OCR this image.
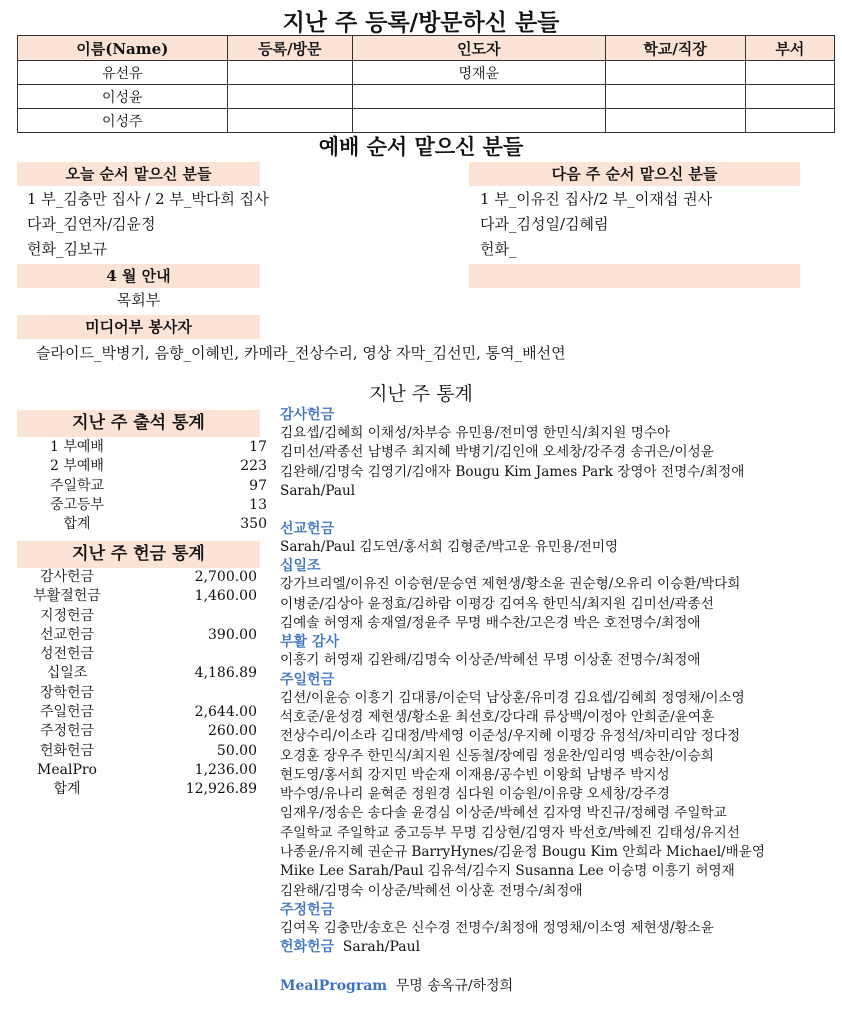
지난 주 등록/방문하신 분들
이름(Name)	등록/방문	인도자	학교/직장	부서
유선유		명재윤		
이성윤				
이성주				
예배 순서 맡으신 분들
오늘 순서 맡으신 분들
1 부_김충만 집사 / 2 부_박다희 집사
다과_김연자/김윤정
헌화_김보규
다음 주 순서 맡으신 분들
1 부_이유진 집사/2 부_이재섭 권사
다과_김성일/김혜림
헌화_
4 월 안내
목회부
미디어부 봉사자
슬라이드_박병기, 음향_이혜빈, 카메라_전상수리, 영상 자막_김선민, 통역_배선연
지난 주 통계
지난 주 출석 통계
1 부예배	17
2 부예배	223
주일학교	97
중고등부	13
합계	350
지난 주 헌금 통계
감사헌금	2,700.00
부활절헌금	1,460.00
지정헌금
선교헌금	390.00
성전헌금
십일조	4,186.89
장학헌금
주일헌금	2,644.00
주정헌금	260.00
헌화헌금	50.00
MealPro	1,236.00
합계	12,926.89
감사헌금
김요셉/김혜희 이채성/차부승 유민용/전미영 한민식/최지원 명수아
김미선/곽종선 남병주 최지혜 박병기/김인애 오세창/강주경 송귀은/이성윤
김완해/김명숙 김영기/김애자 Bougu Kim James Park 장영아 전명수/최정애
Sarah/Paul
선교헌금
Sarah/Paul 김도연/홍서희 김형준/박고운 유민용/전미영
십일조
강가브리엘/이유진 이승현/문승연 제현생/황소윤 권순형/오유리 이승환/박다희
이병준/김상아 윤정효/김하람 이평강 김여옥 한민식/최지원 김미선/곽종선
김예솔 허영재 송재열/정윤주 무명 배수찬/고은경 박은 호전명수/최정애
부활 감사
이흥기 허영재 김완해/김명숙 이상준/박혜선 무명 이상훈 전명수/최정애
주일헌금
김션/이윤승 이흥기 김대룡/이순덕 남상훈/유미경 김요셉/김혜희 정영채/이소영
석호준/윤성경 제현생/황소윤 최선호/강다래 류상백/이정아 안희준/윤여훈
전상수리/이소라 김대정/박세영 이준성/우지혜 이평강 유정석/차미리암 정다정
오경훈 장우주 한민식/최지원 신동철/장예림 정윤찬/임리영 백승찬/이승희
현도영/홍서희 강지민 박순재 이재용/공수빈 이왕희 남병주 박지성
박수영/유나리 윤혁준 정원경 심다원 이승원/이유량 오세창/강주경
임재우/정송은 송다솔 윤경심 이상준/박혜선 김자영 박진규/정혜령 주일학교
주일학교 주일학교 중고등부 무명 김상현/김영자 박선호/박혜진 김태성/유지선
나종윤/유지혜 권순규 BarryHynes/김윤정 Bougu Kim 안희라 Michael/배윤영
Mike Lee Sarah/Paul 김유석/김수지 Susanna Lee 이승명 이흥기 허영재
김완해/김명숙 이상준/박혜선 이상훈 전명수/최정애
주정헌금
김여옥 김충만/송호은 신수경 전명수/최정애 정영채/이소영 제현생/황소윤
헌화헌금 Sarah/Paul
MealProgram 무명 송옥규/하정희
